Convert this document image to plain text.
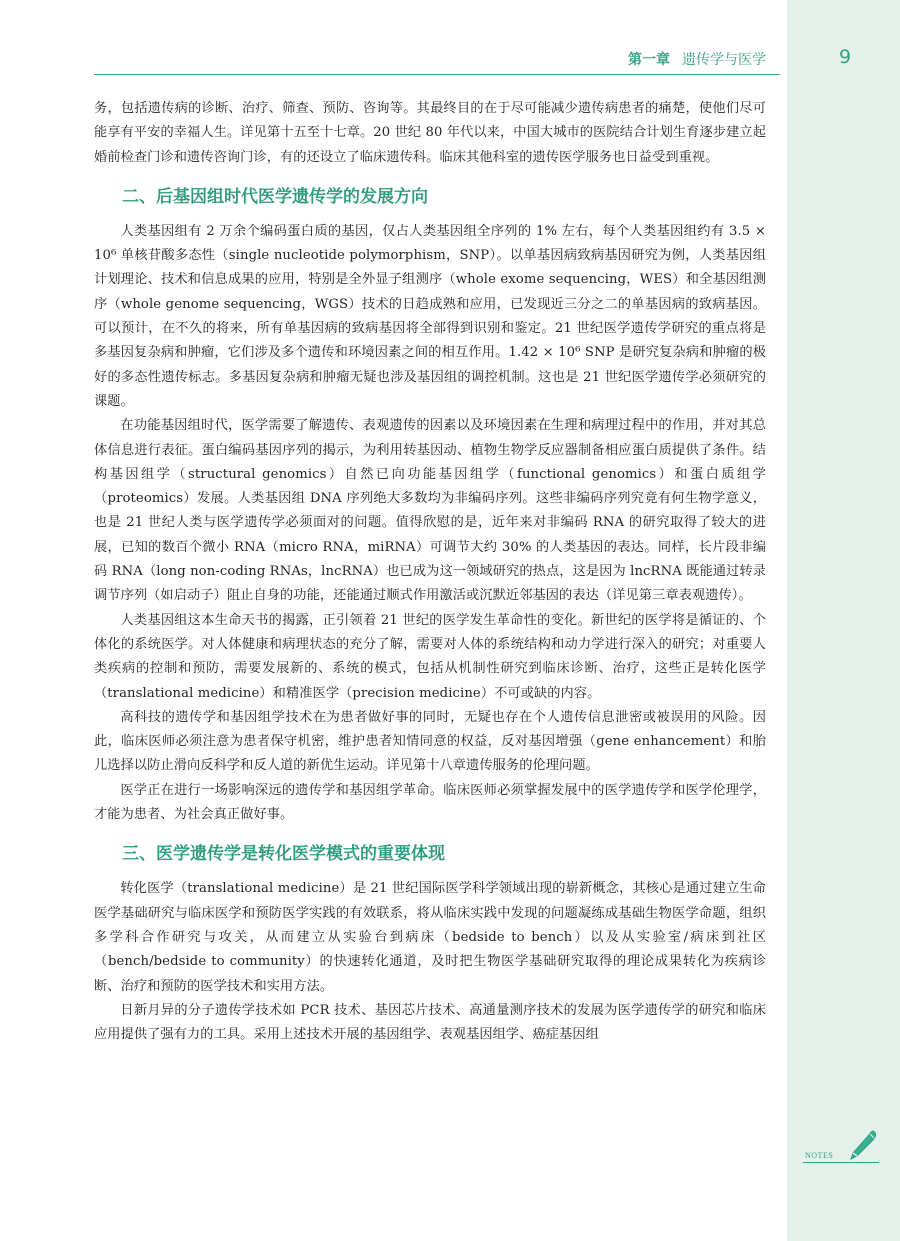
第一章 遗传学与医学	9

务，包括遗传病的诊断、治疗、筛查、预防、咨询等。其最终目的在于尽可能减少遗传病患者的痛楚，使他们尽可能享有平安的幸福人生。详见第十五至十七章。20 世纪 80 年代以来，中国大城市的医院结合计划生育逐步建立起婚前检查门诊和遗传咨询门诊，有的还设立了临床遗传科。临床其他科室的遗传医学服务也日益受到重视。

二、后基因组时代医学遗传学的发展方向

人类基因组有 2 万余个编码蛋白质的基因，仅占人类基因组全序列的 1% 左右，每个人类基因组约有 3.5 × 10⁶ 单核苷酸多态性（single nucleotide polymorphism，SNP）。以单基因病致病基因研究为例，人类基因组计划理论、技术和信息成果的应用，特别是全外显子组测序（whole exome sequencing，WES）和全基因组测序（whole genome sequencing，WGS）技术的日趋成熟和应用，已发现近三分之二的单基因病的致病基因。可以预计，在不久的将来，所有单基因病的致病基因将全部得到识别和鉴定。21 世纪医学遗传学研究的重点将是多基因复杂病和肿瘤，它们涉及多个遗传和环境因素之间的相互作用。1.42 × 10⁶ SNP 是研究复杂病和肿瘤的极好的多态性遗传标志。多基因复杂病和肿瘤无疑也涉及基因组的调控机制。这也是 21 世纪医学遗传学必须研究的课题。

在功能基因组时代，医学需要了解遗传、表观遗传的因素以及环境因素在生理和病理过程中的作用，并对其总体信息进行表征。蛋白编码基因序列的揭示，为利用转基因动、植物生物学反应器制备相应蛋白质提供了条件。结构基因组学（structural genomics）自然已向功能基因组学（functional genomics）和蛋白质组学（proteomics）发展。人类基因组 DNA 序列绝大多数均为非编码序列。这些非编码序列究竟有何生物学意义，也是 21 世纪人类与医学遗传学必须面对的问题。值得欣慰的是，近年来对非编码 RNA 的研究取得了较大的进展，已知的数百个微小 RNA（micro RNA，miRNA）可调节大约 30% 的人类基因的表达。同样，长片段非编码 RNA（long non-coding RNAs，lncRNA）也已成为这一领域研究的热点，这是因为 lncRNA 既能通过转录调节序列（如启动子）阻止自身的功能，还能通过顺式作用激活或沉默近邻基因的表达（详见第三章表观遗传）。

人类基因组这本生命天书的揭露，正引领着 21 世纪的医学发生革命性的变化。新世纪的医学将是循证的、个体化的系统医学。对人体健康和病理状态的充分了解，需要对人体的系统结构和动力学进行深入的研究；对重要人类疾病的控制和预防，需要发展新的、系统的模式，包括从机制性研究到临床诊断、治疗，这些正是转化医学（translational medicine）和精准医学（precision medicine）不可或缺的内容。

高科技的遗传学和基因组学技术在为患者做好事的同时，无疑也存在个人遗传信息泄密或被误用的风险。因此，临床医师必须注意为患者保守机密，维护患者知情同意的权益，反对基因增强（gene enhancement）和胎儿选择以防止滑向反科学和反人道的新优生运动。详见第十八章遗传服务的伦理问题。

医学正在进行一场影响深远的遗传学和基因组学革命。临床医师必须掌握发展中的医学遗传学和医学伦理学，才能为患者、为社会真正做好事。

三、医学遗传学是转化医学模式的重要体现

转化医学（translational medicine）是 21 世纪国际医学科学领域出现的崭新概念，其核心是通过建立生命医学基础研究与临床医学和预防医学实践的有效联系，将从临床实践中发现的问题凝练成基础生物医学命题，组织多学科合作研究与攻关，从而建立从实验台到病床（bedside to bench）以及从实验室/病床到社区（bench/bedside to community）的快速转化通道，及时把生物医学基础研究取得的理论成果转化为疾病诊断、治疗和预防的医学技术和实用方法。

日新月异的分子遗传学技术如 PCR 技术、基因芯片技术、高通量测序技术的发展为医学遗传学的研究和临床应用提供了强有力的工具。采用上述技术开展的基因组学、表观基因组学、癌症基因组

NOTES
